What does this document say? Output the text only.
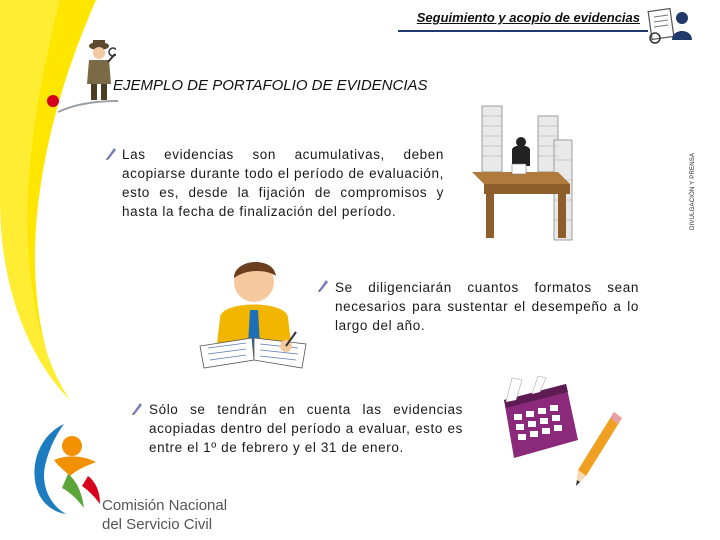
Seguimiento y acopio de evidencias
EJEMPLO DE PORTAFOLIO DE EVIDENCIAS
DIVULGACIÓN Y PRENSA
Las evidencias son acumulativas, deben acopiarse durante todo el período de evaluación, esto es, desde la fijación de compromisos y hasta la fecha de finalización del período.
Se diligenciarán cuantos formatos sean necesarios para sustentar el desempeño a lo largo del año.
Sólo se tendrán en cuenta las evidencias acopiadas dentro del período a evaluar, esto es entre el 1º de febrero y el 31 de enero.
Comisión Nacional
del Servicio Civil
